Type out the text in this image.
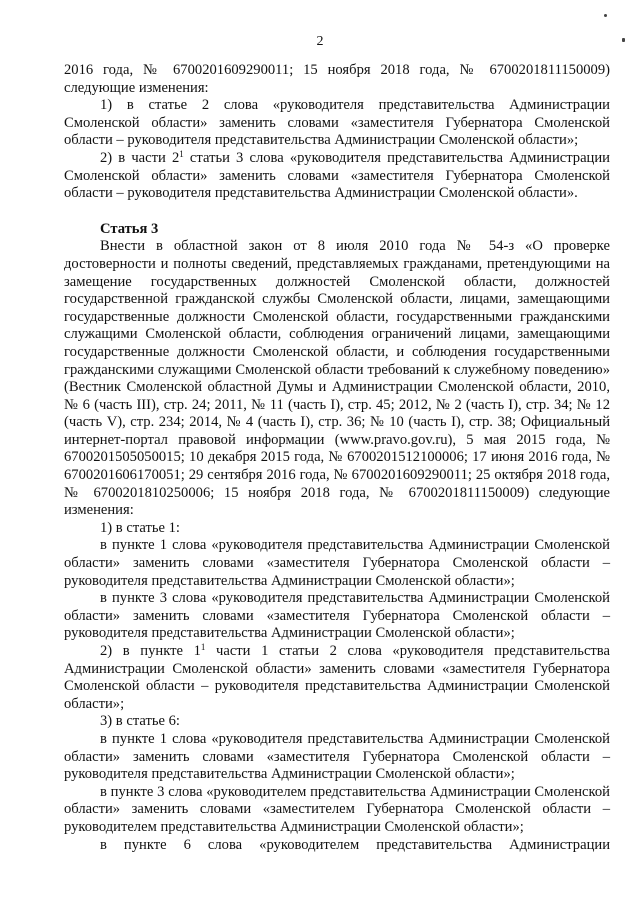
2

2016 года, № 6700201609290011; 15 ноября 2018 года, № 6700201811150009) следующие изменения:

1) в статье 2 слова «руководителя представительства Администрации Смоленской области» заменить словами «заместителя Губернатора Смоленской области – руководителя представительства Администрации Смоленской области»;

2) в части $2^1$ статьи 3 слова «руководителя представительства Администрации Смоленской области» заменить словами «заместителя Губернатора Смоленской области – руководителя представительства Администрации Смоленской области».

Статья 3

Внести в областной закон от 8 июля 2010 года № 54-з «О проверке достоверности и полноты сведений, представляемых гражданами, претендующими на замещение государственных должностей Смоленской области, должностей государственной гражданской службы Смоленской области, лицами, замещающими государственные должности Смоленской области, государственными гражданскими служащими Смоленской области, соблюдения ограничений лицами, замещающими государственные должности Смоленской области, и соблюдения государственными гражданскими служащими Смоленской области требований к служебному поведению» (Вестник Смоленской областной Думы и Администрации Смоленской области, 2010, № 6 (часть III), стр. 24; 2011, № 11 (часть I), стр. 45; 2012, № 2 (часть I), стр. 34; № 12 (часть V), стр. 234; 2014, № 4 (часть I), стр. 36; № 10 (часть I), стр. 38; Официальный интернет-портал правовой информации (www.pravo.gov.ru), 5 мая 2015 года, № 6700201505050015; 10 декабря 2015 года, № 6700201512100006; 17 июня 2016 года, № 6700201606170051; 29 сентября 2016 года, № 6700201609290011; 25 октября 2018 года, № 6700201810250006; 15 ноября 2018 года, № 6700201811150009) следующие изменения:

1) в статье 1:

в пункте 1 слова «руководителя представительства Администрации Смоленской области» заменить словами «заместителя Губернатора Смоленской области – руководителя представительства Администрации Смоленской области»;

в пункте 3 слова «руководителя представительства Администрации Смоленской области» заменить словами «заместителя Губернатора Смоленской области – руководителя представительства Администрации Смоленской области»;

2) в пункте $1^1$ части 1 статьи 2 слова «руководителя представительства Администрации Смоленской области» заменить словами «заместителя Губернатора Смоленской области – руководителя представительства Администрации Смоленской области»;

3) в статье 6:

в пункте 1 слова «руководителя представительства Администрации Смоленской области» заменить словами «заместителя Губернатора Смоленской области – руководителя представительства Администрации Смоленской области»;

в пункте 3 слова «руководителем представительства Администрации Смоленской области» заменить словами «заместителем Губернатора Смоленской области – руководителем представительства Администрации Смоленской области»;

в пункте 6 слова «руководителем представительства Администрации
